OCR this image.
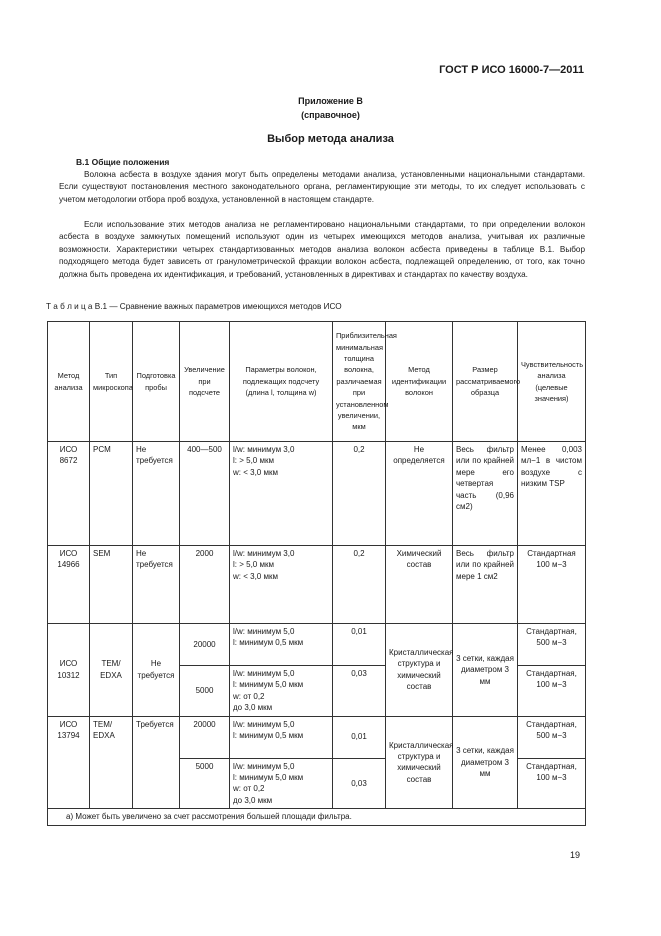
ГОСТ Р ИСО 16000-7—2011
Приложение В
(справочное)
Выбор метода анализа
В.1 Общие положения
Волокна асбеста в воздухе здания могут быть определены методами анализа, установленными национальными стандартами. Если существуют постановления местного законодательного органа, регламентирующие эти методы, то их следует использовать с учетом методологии отбора проб воздуха, установленной в настоящем стандарте.
Если использование этих методов анализа не регламентировано национальными стандартами, то при определении волокон асбеста в воздухе замкнутых помещений используют один из четырех имеющихся методов анализа, учитывая их различные возможности. Характеристики четырех стандартизованных методов анализа волокон асбеста приведены в таблице В.1. Выбор подходящего метода будет зависеть от гранулометрической фракции волокон асбеста, подлежащей определению, от того, как точно должна быть проведена их идентификация, и требований, установленных в директивах и стандартах по качеству воздуха.
Т а б л и ц а В.1 — Сравнение важных параметров имеющихся методов ИСО
Метод анализа	Тип микроскопа	Подготовка пробы	Увеличение при подсчете	Параметры волокон, подлежащих подсчету (длина l, толщина w)	Приблизительная минимальная толщина волокна, различаемая при установленном увеличении, мкм	Метод идентификации волокон	Размер рассматриваемого образца	Чувствительность анализа (целевые значения)
ИСО 8672	PCM	Не требуется	400—500	l/w: минимум 3,0
l: > 5,0 мкм
w: < 3,0 мкм	0,2	Не определяется	Весь фильтр или по крайней мере его четвертая часть (0,96 см2)	Менее 0,003 мл−1 в чистом воздухе с низким TSP
ИСО 14966	SEM	Не требуется	2000	l/w: минимум 3,0
l: > 5,0 мкм
w: < 3,0 мкм	0,2	Химический состав	Весь фильтр или по крайней мере 1 см2	Стандартная 100 м−3
ИСО 10312	TEM/ EDXA	Не требуется	20000	l/w: минимум 5,0
l: минимум 0,5 мкм	0,01	Кристаллическая структура и химический состав	3 сетки, каждая диаметром 3 мм	Стандартная, 500 м−3
			5000	l/w: минимум 5,0
l: минимум 5,0 мкм
w: от 0,2
до 3,0 мкм	0,03			Стандартная, 100 м−3
ИСО 13794	TEM/ EDXA	Требуется	20000	l/w: минимум 5,0
l: минимум 0,5 мкм	0,01	Кристаллическая структура и химический состав	3 сетки, каждая диаметром 3 мм	Стандартная, 500 м−3
			5000	l/w: минимум 5,0
l: минимум 5,0 мкм
w: от 0,2
до 3,0 мкм	0,03			Стандартная, 100 м−3
а) Может быть увеличено за счет рассмотрения большей площади фильтра.								
19
